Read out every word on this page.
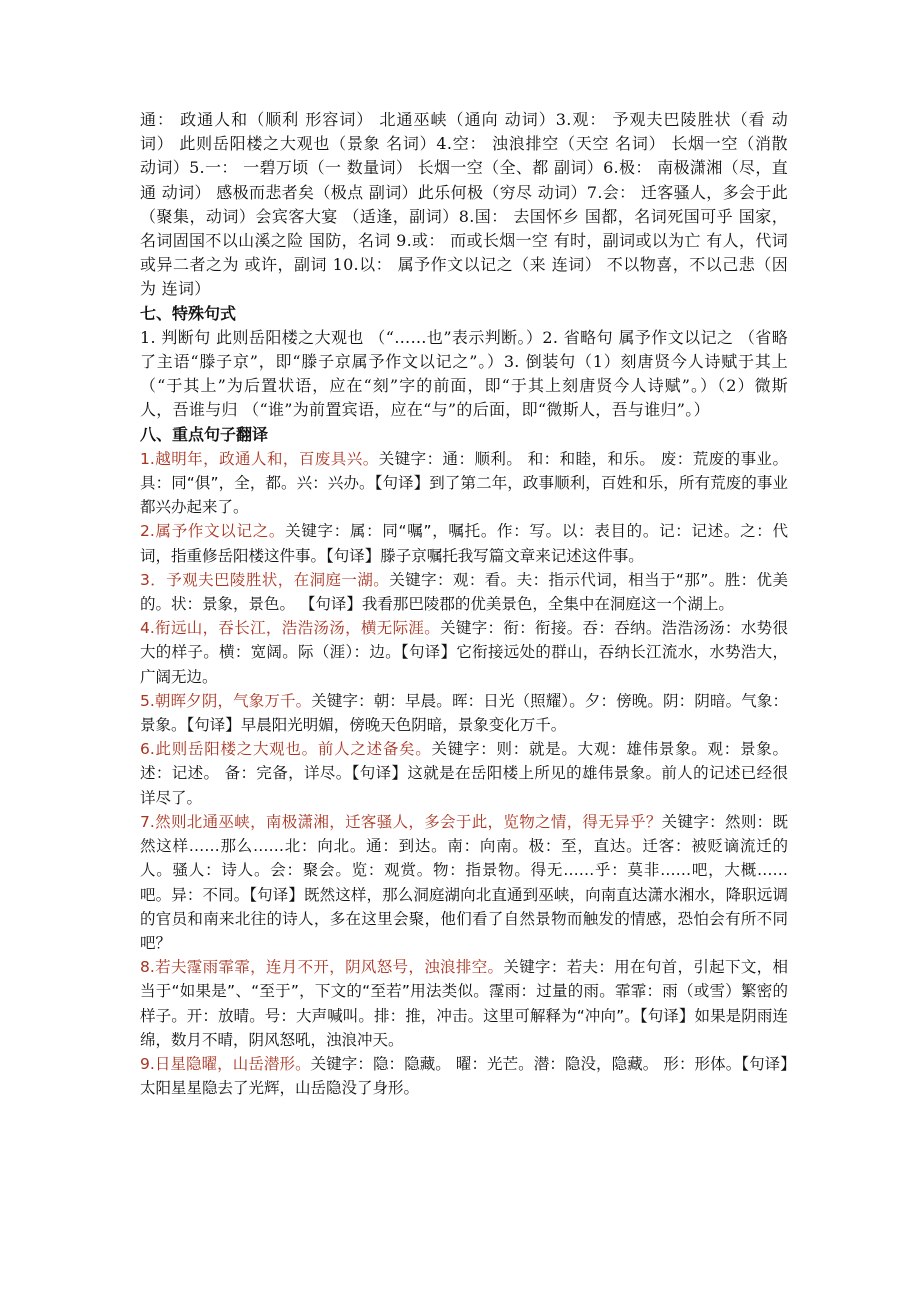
通： 政通人和（顺利 形容词） 北通巫峡（通向 动词）3.观： 予观夫巴陵胜状（看 动词） 此则岳阳楼之大观也（景象 名词）4.空： 浊浪排空（天空 名词） 长烟一空（消散 动词）5.一： 一碧万顷（一 数量词） 长烟一空（全、都 副词）6.极： 南极潇湘（尽，直通 动词） 感极而悲者矣（极点 副词）此乐何极（穷尽 动词）7.会： 迁客骚人，多会于此 （聚集，动词）会宾客大宴 （适逢，副词）8.国： 去国怀乡 国都，名词死国可乎 国家，名词固国不以山溪之险 国防，名词 9.或： 而或长烟一空 有时，副词或以为亡 有人，代词或异二者之为 或许，副词 10.以： 属予作文以记之（来 连词） 不以物喜，不以己悲（因为 连词）

七、特殊句式

1. 判断句 此则岳阳楼之大观也 （“……也”表示判断。）2. 省略句 属予作文以记之 （省略了主语“滕子京”，即“滕子京属予作文以记之”。）3. 倒装句（1）刻唐贤今人诗赋于其上 （“于其上”为后置状语，应在“刻”字的前面，即“于其上刻唐贤今人诗赋”。）（2）微斯人，吾谁与归 （“谁”为前置宾语，应在“与”的后面，即“微斯人，吾与谁归”。）

八、重点句子翻译

1.越明年，政通人和，百废具兴。关键字：通：顺利。 和：和睦，和乐。 废：荒废的事业。 具：同“俱”，全，都。兴：兴办。【句译】到了第二年，政事顺利，百姓和乐，所有荒废的事业都兴办起来了。

2.属予作文以记之。关键字：属：同“嘱”，嘱托。作：写。以：表目的。记：记述。之：代词，指重修岳阳楼这件事。【句译】滕子京嘱托我写篇文章来记述这件事。

3．予观夫巴陵胜状，在洞庭一湖。关键字：观：看。夫：指示代词，相当于“那”。胜：优美的。状：景象，景色。 【句译】我看那巴陵郡的优美景色，全集中在洞庭这一个湖上。

4.衔远山，吞长江，浩浩汤汤，横无际涯。关键字：衔：衔接。吞：吞纳。浩浩汤汤：水势很大的样子。横：宽阔。际（涯）：边。【句译】它衔接远处的群山，吞纳长江流水，水势浩大，广阔无边。

5.朝晖夕阴，气象万千。关键字：朝：早晨。晖：日光（照耀）。夕：傍晚。阴：阴暗。气象：景象。【句译】早晨阳光明媚，傍晚天色阴暗，景象变化万千。

6.此则岳阳楼之大观也。前人之述备矣。关键字：则：就是。大观：雄伟景象。观：景象。述：记述。 备：完备，详尽。【句译】这就是在岳阳楼上所见的雄伟景象。前人的记述已经很详尽了。

7.然则北通巫峡，南极潇湘，迁客骚人，多会于此，览物之情，得无异乎？关键字：然则：既然这样……那么……北：向北。通：到达。南：向南。极：至，直达。迁客：被贬谪流迁的人。骚人：诗人。会：聚会。览：观赏。物：指景物。得无……乎：莫非……吧，大概……吧。异：不同。【句译】既然这样，那么洞庭湖向北直通到巫峡，向南直达潇水湘水，降职远调的官员和南来北往的诗人，多在这里会聚，他们看了自然景物而触发的情感，恐怕会有所不同吧？

8.若夫霪雨霏霏，连月不开，阴风怒号，浊浪排空。关键字：若夫：用在句首，引起下文，相当于“如果是”、“至于”，下文的“至若”用法类似。霪雨：过量的雨。霏霏：雨（或雪）繁密的样子。开：放晴。号：大声喊叫。排：推，冲击。这里可解释为“冲向”。【句译】如果是阴雨连绵，数月不晴，阴风怒吼，浊浪冲天。

9.日星隐曜，山岳潜形。关键字：隐：隐藏。 曜：光芒。潜：隐没，隐藏。 形：形体。【句译】太阳星星隐去了光辉，山岳隐没了身形。
